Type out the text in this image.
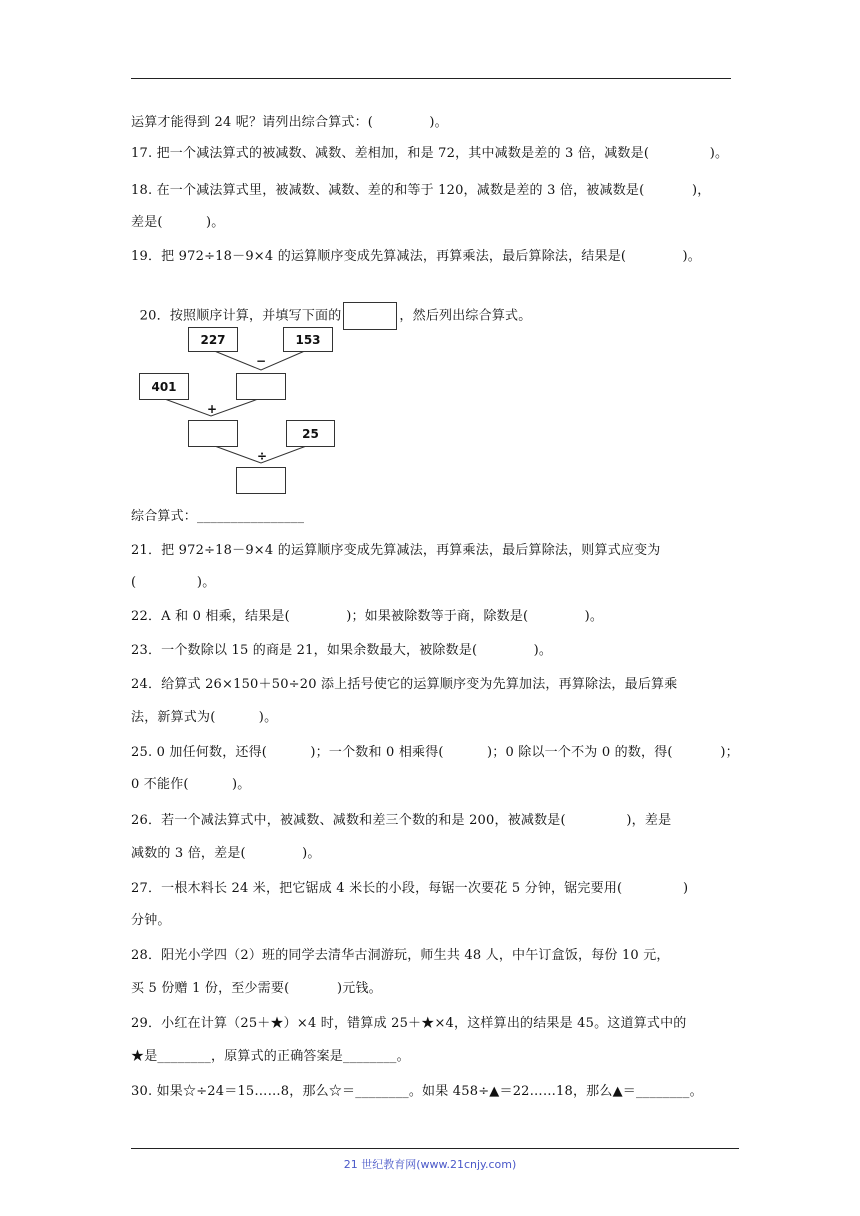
运算才能得到 24 呢？请列出综合算式：(             )。
17. 把一个减法算式的被减数、减数、差相加，和是 72，其中减数是差的 3 倍，减数是(              )。
18. 在一个减法算式里，被减数、减数、差的和等于 120，减数是差的 3 倍，被减数是(           )，
差是(          )。
19．把 972÷18－9×4 的运算顺序变成先算减法，再算乘法，最后算除法，结果是(             )。

20．按照顺序计算，并填写下面的	，然后列出综合算式。

227	153
−
401
+
25
÷
综合算式：________________
21．把 972÷18－9×4 的运算顺序变成先算减法，再算乘法，最后算除法，则算式应变为
(              )。
22．A 和 0 相乘，结果是(             )；如果被除数等于商，除数是(             )。
23．一个数除以 15 的商是 21，如果余数最大，被除数是(             )。
24．给算式 26×150＋50÷20 添上括号使它的运算顺序变为先算加法，再算除法，最后算乘
法，新算式为(          )。
25. 0 加任何数，还得(          )；一个数和 0 相乘得(          )；0 除以一个不为 0 的数，得(           )；
0 不能作(          )。
26．若一个减法算式中，被减数、减数和差三个数的和是 200，被减数是(              )，差是
减数的 3 倍，差是(             )。
27．一根木料长 24 米，把它锯成 4 米长的小段，每锯一次要花 5 分钟，锯完要用(              )
分钟。
28．阳光小学四（2）班的同学去清华古洞游玩，师生共 48 人，中午订盒饭，每份 10 元，
买 5 份赠 1 份，至少需要(           )元钱。
29．小红在计算（25＋★）×4 时，错算成 25＋★×4，这样算出的结果是 45。这道算式中的
★是________，原算式的正确答案是________。
30. 如果☆÷24＝15……8，那么☆＝________。如果 458÷▲＝22……18，那么▲＝________。
21 世纪教育网(www.21cnjy.com)
